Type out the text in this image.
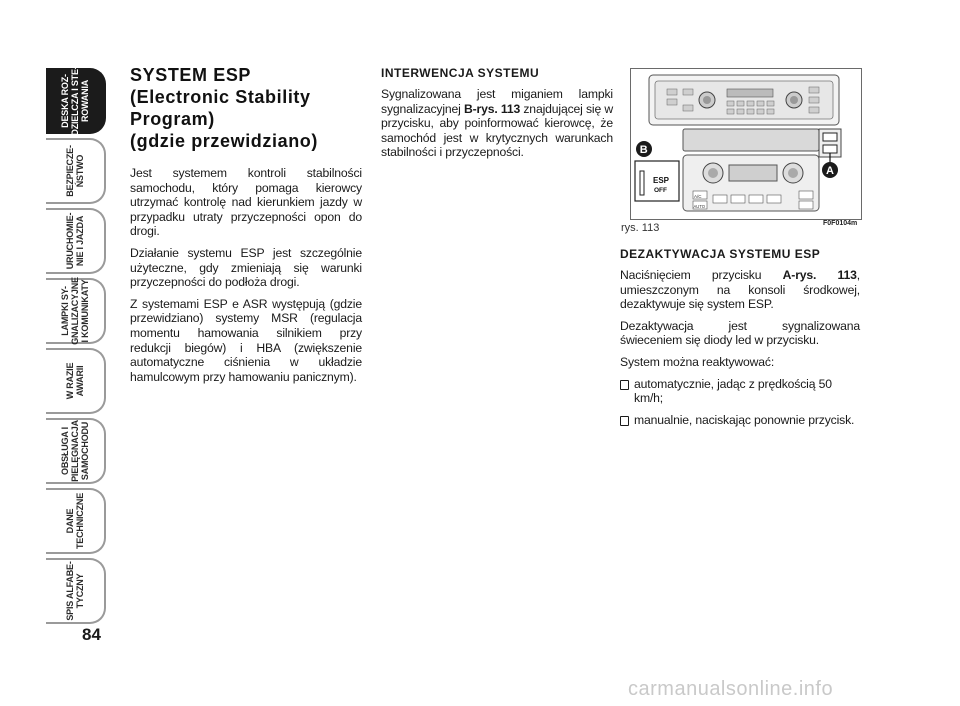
DESKA ROZ-
DZIELCZA I STE-
ROWANIA
BEZPIECZE-
ŃSTWO
URUCHOMIE-
NIE I JAZDA
LAMPKI SY-
GNALIZACYJNE
I KOMUNIKATY
W RAZIE
AWARII
OBSŁUGA I
PIELĘGNACJA
SAMOCHODU
DANE
TECHNICZNE
SPIS ALFABE-
TYCZNY
84
SYSTEM ESP
(Electronic Stability
Program)
(gdzie przewidziano)

Jest systemem kontroli stabilności samochodu, który pomaga kierowcy utrzymać kontrolę nad kierunkiem jazdy w przypadku utraty przyczepności opon do drogi.

Działanie systemu ESP jest szczególnie użyteczne, gdy zmieniają się warunki przyczepności do podłoża drogi.

Z systemami ESP e ASR występują (gdzie przewidziano) systemy MSR (regulacja momentu hamowania silnikiem przy redukcji biegów) i HBA (zwiększenie automatyczne ciśnienia w układzie hamulcowym przy hamowaniu panicznym).

INTERWENCJA SYSTEMU

Sygnalizowana jest miganiem lampki sygnalizacyjnej B-rys. 113 znajdującej się w przycisku, aby poinformować kierowcę, że samochód jest w krytycznych warunkach stabilności i przyczepności.

A/C
AUTO
ESP
OFF
B
A
rys. 113	F0F0104m
DEZAKTYWACJA SYSTEMU ESP

Naciśnięciem przycisku A-rys. 113, umieszczonym na konsoli środkowej, dezaktywuje się system ESP.

Dezaktywacja jest sygnalizowana świeceniem się diody led w przycisku.

System można reaktywować:

automatycznie, jadąc z prędkością 50 km/h;
manualnie, naciskając ponownie przycisk.
carmanualsonline.info
